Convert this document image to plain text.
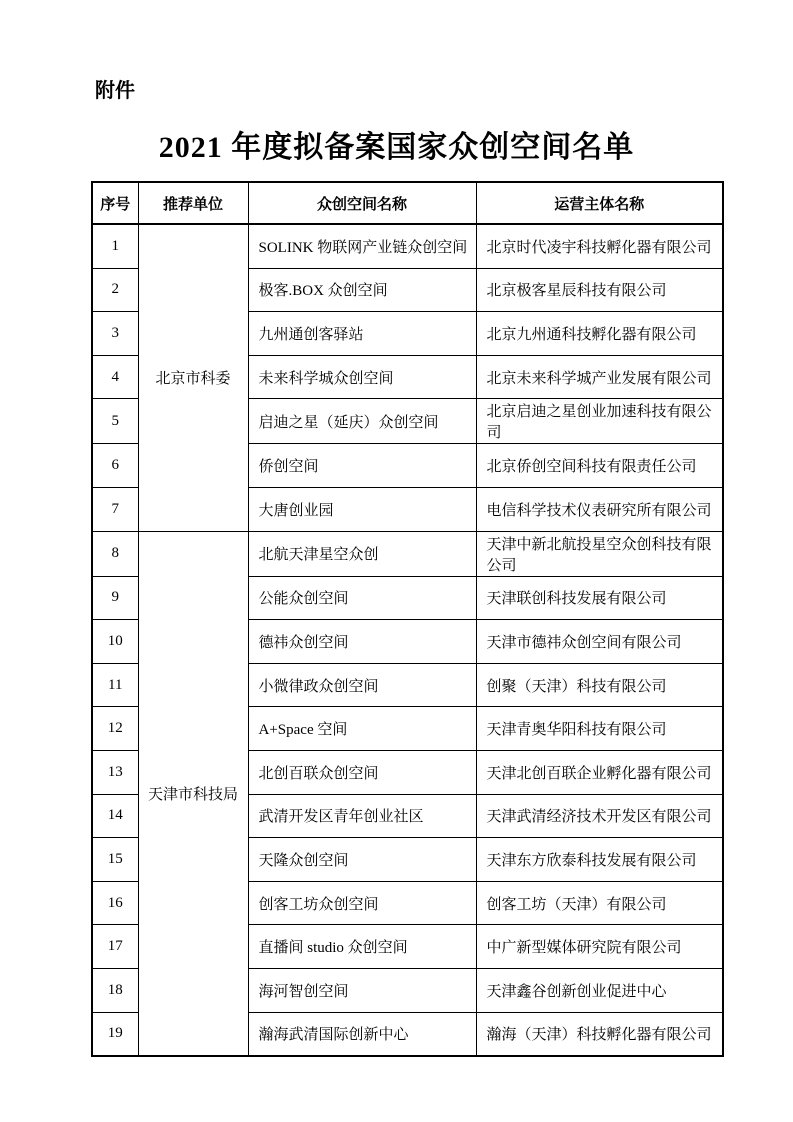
附件
2021 年度拟备案国家众创空间名单
序号	推荐单位	众创空间名称	运营主体名称
1	北京市科委	SOLINK 物联网产业链众创空间	北京时代凌宇科技孵化器有限公司
2		极客.BOX 众创空间	北京极客星辰科技有限公司
3		九州通创客驿站	北京九州通科技孵化器有限公司
4		未来科学城众创空间	北京未来科学城产业发展有限公司
5		启迪之星（延庆）众创空间	北京启迪之星创业加速科技有限公司
6		侨创空间	北京侨创空间科技有限责任公司
7		大唐创业园	电信科学技术仪表研究所有限公司
8	天津市科技局	北航天津星空众创	天津中新北航投星空众创科技有限公司
9		公能众创空间	天津联创科技发展有限公司
10		德祎众创空间	天津市德祎众创空间有限公司
11		小微律政众创空间	创聚（天津）科技有限公司
12		A+Space 空间	天津青奥华阳科技有限公司
13		北创百联众创空间	天津北创百联企业孵化器有限公司
14		武清开发区青年创业社区	天津武清经济技术开发区有限公司
15		天隆众创空间	天津东方欣泰科技发展有限公司
16		创客工坊众创空间	创客工坊（天津）有限公司
17		直播间 studio 众创空间	中广新型媒体研究院有限公司
18		海河智创空间	天津鑫谷创新创业促进中心
19		瀚海武清国际创新中心	瀚海（天津）科技孵化器有限公司
